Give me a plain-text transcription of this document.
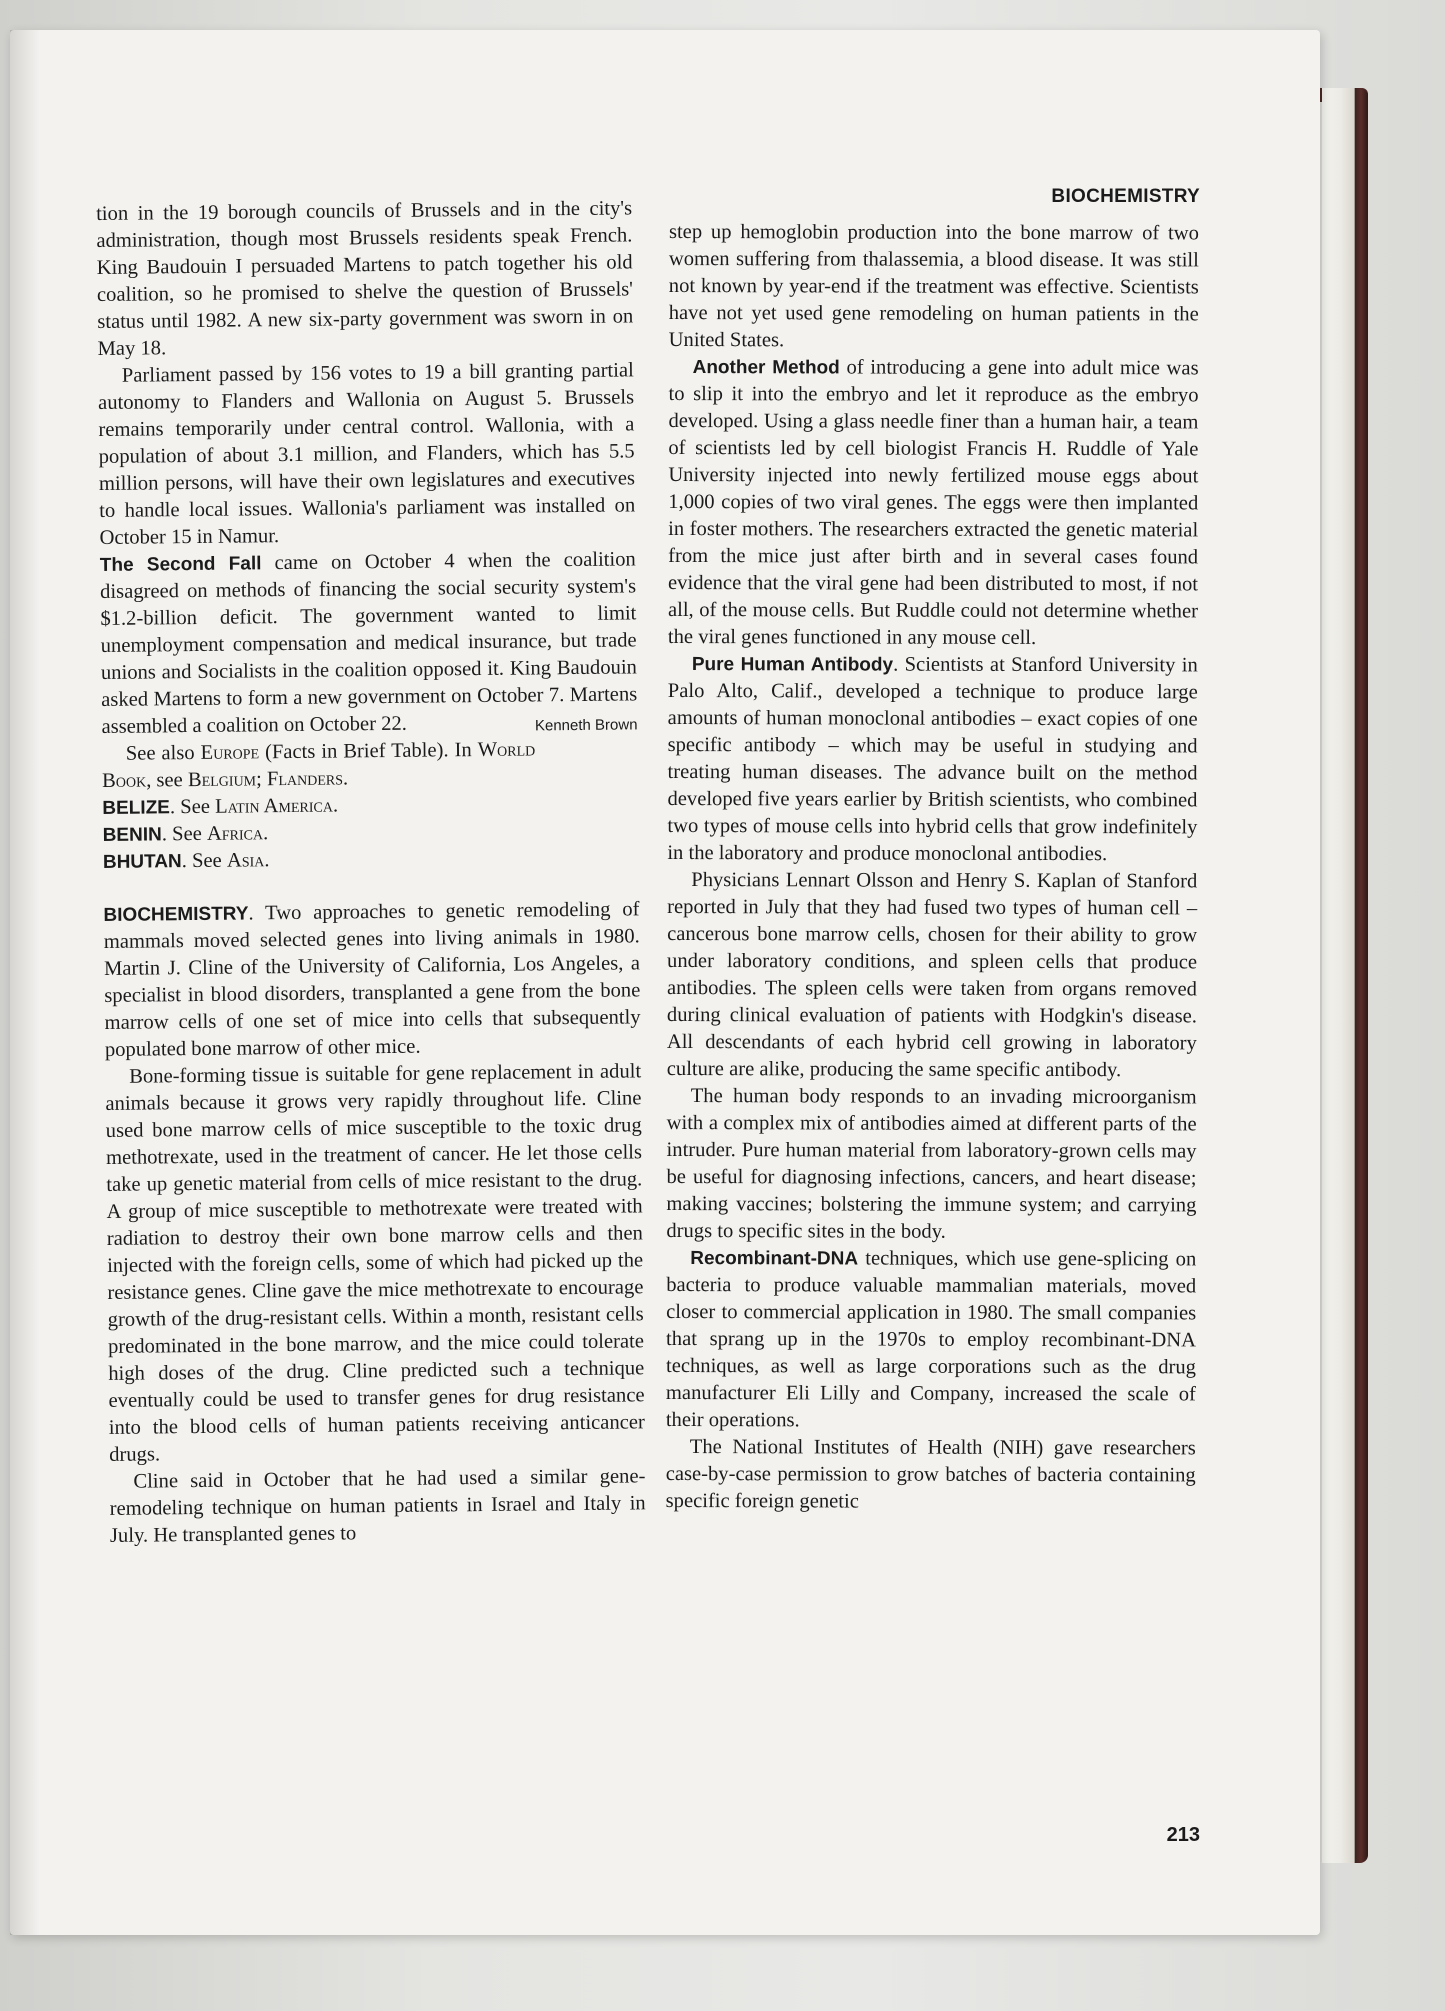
BIOCHEMISTRY

tion in the 19 borough councils of Brussels and in the city's administration, though most Brussels residents speak French. King Baudouin I persuaded Martens to patch together his old coalition, so he promised to shelve the question of Brussels' status until 1982. A new six-party government was sworn in on May 18.

Parliament passed by 156 votes to 19 a bill granting partial autonomy to Flanders and Wallonia on August 5. Brussels remains temporarily under central control. Wallonia, with a population of about 3.1 million, and Flanders, which has 5.5 million persons, will have their own legislatures and executives to handle local issues. Wallonia's parliament was installed on October 15 in Namur.

The Second Fall came on October 4 when the coalition disagreed on methods of financing the social security system's $1.2-billion deficit. The government wanted to limit unemployment compensation and medical insurance, but trade unions and Socialists in the coalition opposed it. King Baudouin asked Martens to form a new government on October 7. Martens assembled a coalition on October 22.	Kenneth Brown

See also Europe (Facts in Brief Table). In World Book, see Belgium; Flanders.

BELIZE. See Latin America.

BENIN. See Africa.

BHUTAN. See Asia.

BIOCHEMISTRY. Two approaches to genetic remodeling of mammals moved selected genes into living animals in 1980. Martin J. Cline of the University of California, Los Angeles, a specialist in blood disorders, transplanted a gene from the bone marrow cells of one set of mice into cells that subsequently populated bone marrow of other mice.

Bone-forming tissue is suitable for gene replacement in adult animals because it grows very rapidly throughout life. Cline used bone marrow cells of mice susceptible to the toxic drug methotrexate, used in the treatment of cancer. He let those cells take up genetic material from cells of mice resistant to the drug. A group of mice susceptible to methotrexate were treated with radiation to destroy their own bone marrow cells and then injected with the foreign cells, some of which had picked up the resistance genes. Cline gave the mice methotrexate to encourage growth of the drug-resistant cells. Within a month, resistant cells predominated in the bone marrow, and the mice could tolerate high doses of the drug. Cline predicted such a technique eventually could be used to transfer genes for drug resistance into the blood cells of human patients receiving anticancer drugs.

Cline said in October that he had used a similar gene-remodeling technique on human patients in Israel and Italy in July. He transplanted genes to

step up hemoglobin production into the bone marrow of two women suffering from thalassemia, a blood disease. It was still not known by year-end if the treatment was effective. Scientists have not yet used gene remodeling on human patients in the United States.

Another Method of introducing a gene into adult mice was to slip it into the embryo and let it reproduce as the embryo developed. Using a glass needle finer than a human hair, a team of scientists led by cell biologist Francis H. Ruddle of Yale University injected into newly fertilized mouse eggs about 1,000 copies of two viral genes. The eggs were then implanted in foster mothers. The researchers extracted the genetic material from the mice just after birth and in several cases found evidence that the viral gene had been distributed to most, if not all, of the mouse cells. But Ruddle could not determine whether the viral genes functioned in any mouse cell.

Pure Human Antibody. Scientists at Stanford University in Palo Alto, Calif., developed a technique to produce large amounts of human monoclonal antibodies – exact copies of one specific antibody – which may be useful in studying and treating human diseases. The advance built on the method developed five years earlier by British scientists, who combined two types of mouse cells into hybrid cells that grow indefinitely in the laboratory and produce monoclonal antibodies.

Physicians Lennart Olsson and Henry S. Kaplan of Stanford reported in July that they had fused two types of human cell – cancerous bone marrow cells, chosen for their ability to grow under laboratory conditions, and spleen cells that produce antibodies. The spleen cells were taken from organs removed during clinical evaluation of patients with Hodgkin's disease. All descendants of each hybrid cell growing in laboratory culture are alike, producing the same specific antibody.

The human body responds to an invading microorganism with a complex mix of antibodies aimed at different parts of the intruder. Pure human material from laboratory-grown cells may be useful for diagnosing infections, cancers, and heart disease; making vaccines; bolstering the immune system; and carrying drugs to specific sites in the body.

Recombinant-DNA techniques, which use gene-splicing on bacteria to produce valuable mammalian materials, moved closer to commercial application in 1980. The small companies that sprang up in the 1970s to employ recombinant-DNA techniques, as well as large corporations such as the drug manufacturer Eli Lilly and Company, increased the scale of their operations.

The National Institutes of Health (NIH) gave researchers case-by-case permission to grow batches of bacteria containing specific foreign genetic

213
